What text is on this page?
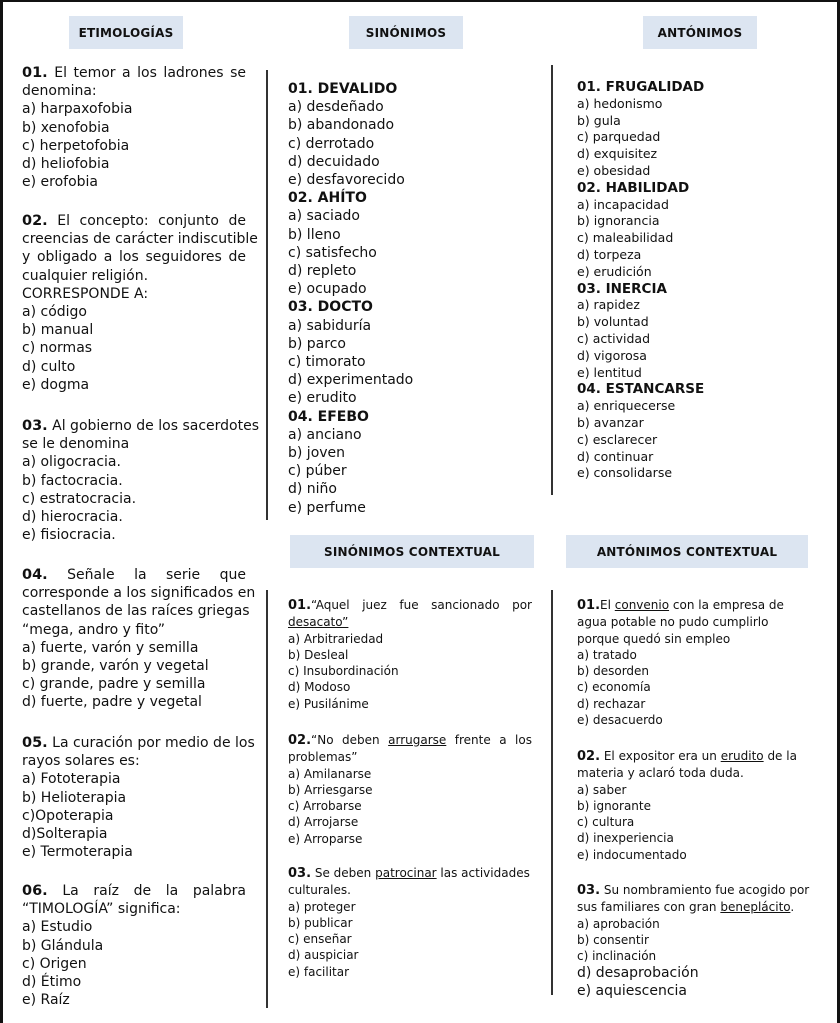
ETIMOLOGÍAS	SINÓNIMOS	ANTÓNIMOS
SINÓNIMOS CONTEXTUAL	ANTÓNIMOS CONTEXTUAL
01. El temor a los ladrones se
denomina:
a) harpaxofobia
b) xenofobia
c) herpetofobia
d) heliofobia
e) erofobia
02. El concepto: conjunto de
creencias de carácter indiscutible
y obligado a los seguidores de
cualquier religión.
CORRESPONDE A:
a) código
b) manual
c) normas
d) culto
e) dogma
03. Al gobierno de los sacerdotes
se le denomina
a) oligocracia.
b) factocracia.
c) estratocracia.
d) hierocracia.
e) fisiocracia.
04. Señale la serie que
corresponde a los significados en
castellanos de las raíces griegas
“mega, andro y fito”
a) fuerte, varón y semilla
b) grande, varón y vegetal
c) grande, padre y semilla
d) fuerte, padre y vegetal
05. La curación por medio de los
rayos solares es:
a) Fototerapia
b) Helioterapia
c)Opoterapia
d)Solterapia
e) Termoterapia
06. La raíz de la palabra
“TIMOLOGÍA” significa:
a) Estudio
b) Glándula
c) Origen
d) Étimo
e) Raíz
01. DEVALIDO
a) desdeñado
b) abandonado
c) derrotado
d) decuidado
e) desfavorecido
02. AHÍTO
a) saciado
b) lleno
c) satisfecho
d) repleto
e) ocupado
03. DOCTO
a) sabiduría
b) parco
c) timorato
d) experimentado
e) erudito
04. EFEBO
a) anciano
b) joven
c) púber
d) niño
e) perfume
01. FRUGALIDAD
a) hedonismo
b) gula
c) parquedad
d) exquisitez
e) obesidad
02. HABILIDAD
a) incapacidad
b) ignorancia
c) maleabilidad
d) torpeza
e) erudición
03. INERCIA
a) rapidez
b) voluntad
c) actividad
d) vigorosa
e) lentitud
04. ESTANCARSE
a) enriquecerse
b) avanzar
c) esclarecer
d) continuar
e) consolidarse
01.“Aquel juez fue sancionado por
desacato”
a) Arbitrariedad
b) Desleal
c) Insubordinación
d) Modoso
e) Pusilánime
02.“No deben arrugarse frente a los
problemas”
a) Amilanarse
b) Arriesgarse
c) Arrobarse
d) Arrojarse
e) Arroparse
03. Se deben patrocinar las actividades
culturales.
a) proteger
b) publicar
c) enseñar
d) auspiciar
e) facilitar
01.El convenio con la empresa de
agua potable no pudo cumplirlo
porque quedó sin empleo
a) tratado
b) desorden
c) economía
d) rechazar
e) desacuerdo
02. El expositor era un erudito de la
materia y aclaró toda duda.
a) saber
b) ignorante
c) cultura
d) inexperiencia
e) indocumentado
03. Su nombramiento fue acogido por
sus familiares con gran beneplácito.
a) aprobación
b) consentir
c) inclinación
d) desaprobación
e) aquiescencia
